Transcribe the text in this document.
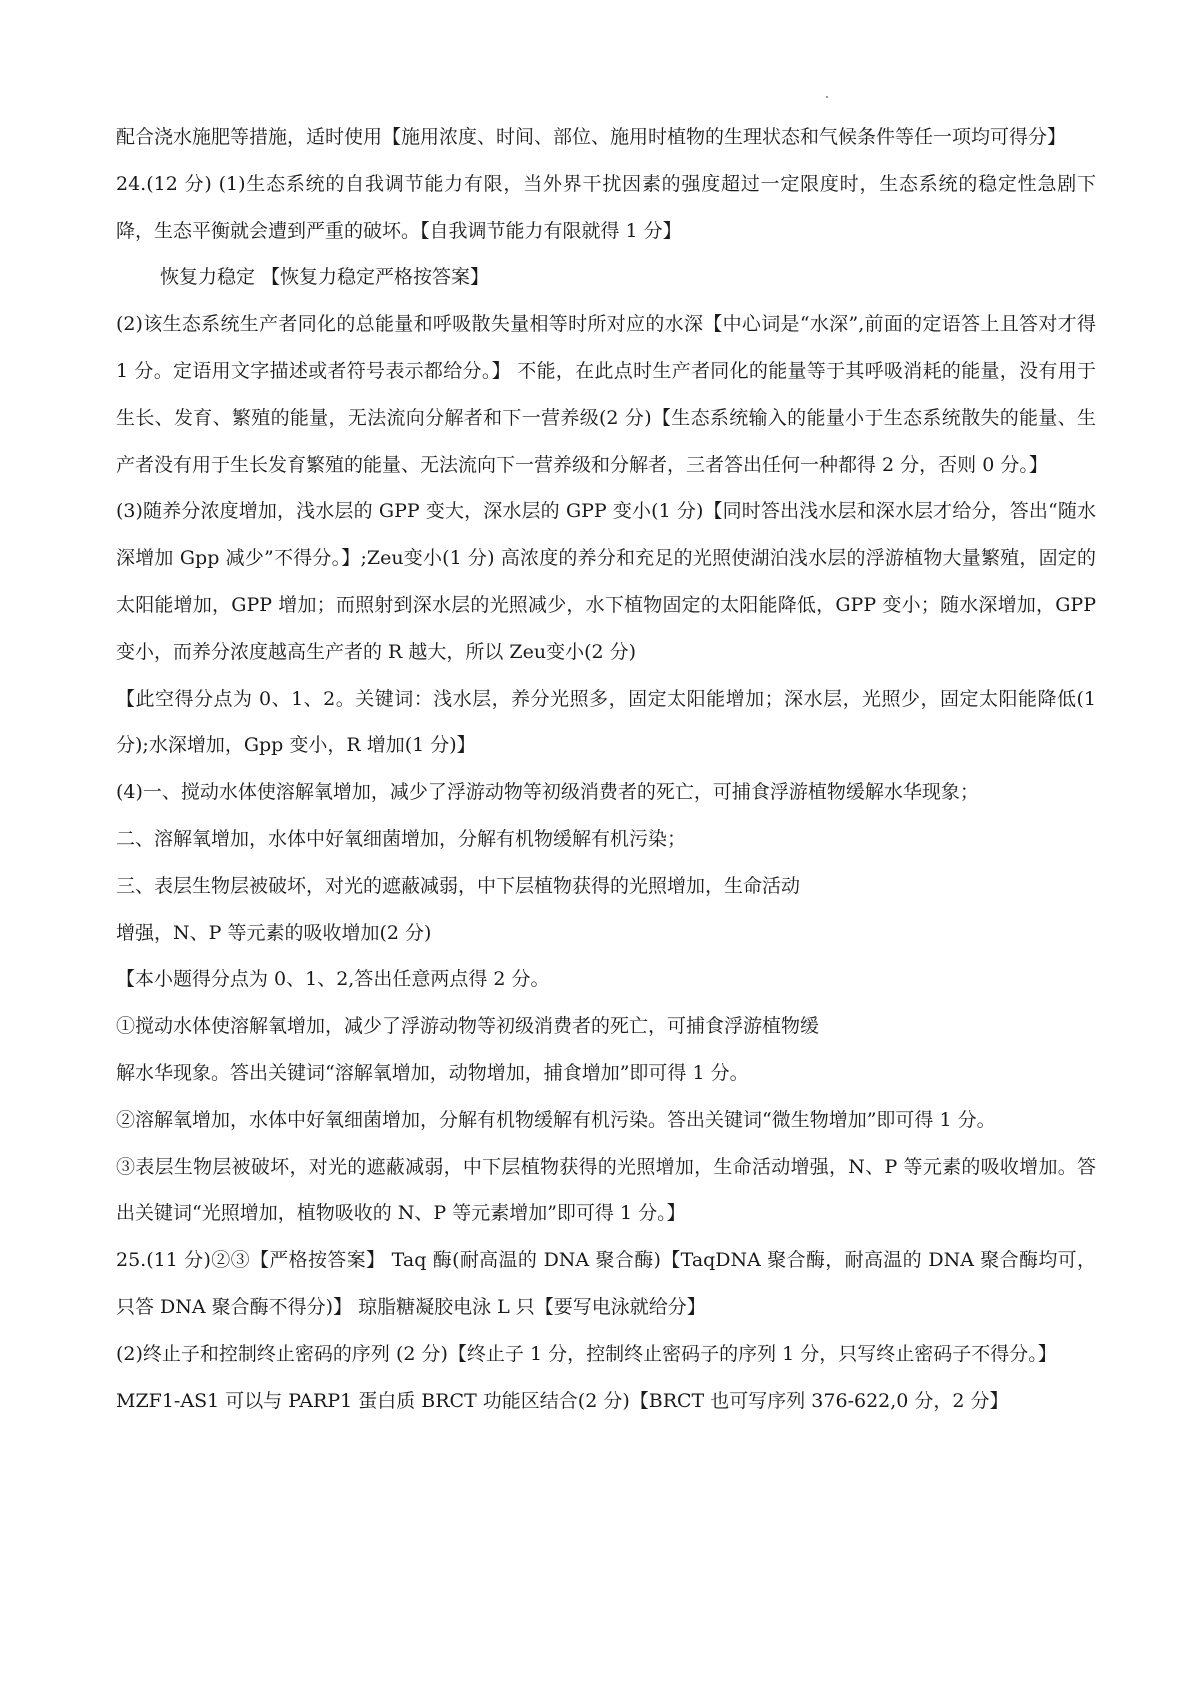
配合浇水施肥等措施，适时使用【施用浓度、时间、部位、施用时植物的生理状态和气候条件等任一项均可得分】

24.(12 分) (1)生态系统的自我调节能力有限，当外界干扰因素的强度超过一定限度时，生态系统的稳定性急剧下降，生态平衡就会遭到严重的破坏。【自我调节能力有限就得 1 分】

恢复力稳定 【恢复力稳定严格按答案】

(2)该生态系统生产者同化的总能量和呼吸散失量相等时所对应的水深【中心词是“水深”,前面的定语答上且答对才得 1 分。定语用文字描述或者符号表示都给分。】 不能，在此点时生产者同化的能量等于其呼吸消耗的能量，没有用于生长、发育、繁殖的能量，无法流向分解者和下一营养级(2 分)【生态系统输入的能量小于生态系统散失的能量、生产者没有用于生长发育繁殖的能量、无法流向下一营养级和分解者，三者答出任何一种都得 2 分，否则 0 分。】

(3)随养分浓度增加，浅水层的 GPP 变大，深水层的 GPP 变小(1 分)【同时答出浅水层和深水层才给分，答出“随水深增加 Gpp 减少”不得分。】;Zeu变小(1 分) 高浓度的养分和充足的光照使湖泊浅水层的浮游植物大量繁殖，固定的太阳能增加，GPP 增加；而照射到深水层的光照减少，水下植物固定的太阳能降低，GPP 变小；随水深增加，GPP 变小，而养分浓度越高生产者的 R 越大，所以 Zeu变小(2 分)

【此空得分点为 0、1、2。关键词：浅水层，养分光照多，固定太阳能增加；深水层，光照少，固定太阳能降低(1 分);水深增加，Gpp 变小，R 增加(1 分)】

(4)一、搅动水体使溶解氧增加，减少了浮游动物等初级消费者的死亡，可捕食浮游植物缓解水华现象；

二、溶解氧增加，水体中好氧细菌增加，分解有机物缓解有机污染；

三、表层生物层被破坏，对光的遮蔽减弱，中下层植物获得的光照增加，生命活动

增强，N、P 等元素的吸收增加(2 分)

【本小题得分点为 0、1、2,答出任意两点得 2 分。

①搅动水体使溶解氧增加，减少了浮游动物等初级消费者的死亡，可捕食浮游植物缓

解水华现象。答出关键词“溶解氧增加，动物增加，捕食增加”即可得 1 分。

②溶解氧增加，水体中好氧细菌增加，分解有机物缓解有机污染。答出关键词“微生物增加”即可得 1 分。

③表层生物层被破坏，对光的遮蔽减弱，中下层植物获得的光照增加，生命活动增强，N、P 等元素的吸收增加。答出关键词“光照增加，植物吸收的 N、P 等元素增加”即可得 1 分。】

25.(11 分)②③【严格按答案】 Taq 酶(耐高温的 DNA 聚合酶)【TaqDNA 聚合酶，耐高温的 DNA 聚合酶均可，只答 DNA 聚合酶不得分)】 琼脂糖凝胶电泳 L 只【要写电泳就给分】

(2)终止子和控制终止密码的序列 (2 分)【终止子 1 分，控制终止密码子的序列 1 分，只写终止密码子不得分。】

MZF1-AS1 可以与 PARP1 蛋白质 BRCT 功能区结合(2 分)【BRCT 也可写序列 376-622,0 分，2 分】
